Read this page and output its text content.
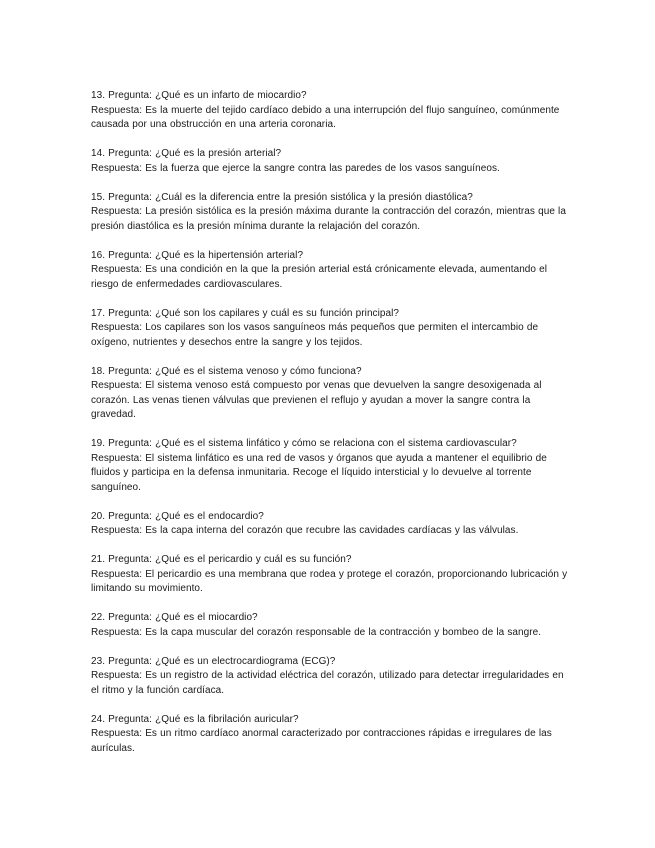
13. Pregunta: ¿Qué es un infarto de miocardio?
Respuesta: Es la muerte del tejido cardíaco debido a una interrupción del flujo sanguíneo, comúnmente causada por una obstrucción en una arteria coronaria.
14. Pregunta: ¿Qué es la presión arterial?
Respuesta: Es la fuerza que ejerce la sangre contra las paredes de los vasos sanguíneos.
15. Pregunta: ¿Cuál es la diferencia entre la presión sistólica y la presión diastólica?
Respuesta: La presión sistólica es la presión máxima durante la contracción del corazón, mientras que la presión diastólica es la presión mínima durante la relajación del corazón.
16. Pregunta: ¿Qué es la hipertensión arterial?
Respuesta: Es una condición en la que la presión arterial está crónicamente elevada, aumentando el riesgo de enfermedades cardiovasculares.
17. Pregunta: ¿Qué son los capilares y cuál es su función principal?
Respuesta: Los capilares son los vasos sanguíneos más pequeños que permiten el intercambio de oxígeno, nutrientes y desechos entre la sangre y los tejidos.
18. Pregunta: ¿Qué es el sistema venoso y cómo funciona?
Respuesta: El sistema venoso está compuesto por venas que devuelven la sangre desoxigenada al corazón. Las venas tienen válvulas que previenen el reflujo y ayudan a mover la sangre contra la gravedad.
19. Pregunta: ¿Qué es el sistema linfático y cómo se relaciona con el sistema cardiovascular?
Respuesta: El sistema linfático es una red de vasos y órganos que ayuda a mantener el equilibrio de fluidos y participa en la defensa inmunitaria. Recoge el líquido intersticial y lo devuelve al torrente sanguíneo.
20. Pregunta: ¿Qué es el endocardio?
Respuesta: Es la capa interna del corazón que recubre las cavidades cardíacas y las válvulas.
21. Pregunta: ¿Qué es el pericardio y cuál es su función?
Respuesta: El pericardio es una membrana que rodea y protege el corazón, proporcionando lubricación y limitando su movimiento.
22. Pregunta: ¿Qué es el miocardio?
Respuesta: Es la capa muscular del corazón responsable de la contracción y bombeo de la sangre.
23. Pregunta: ¿Qué es un electrocardiograma (ECG)?
Respuesta: Es un registro de la actividad eléctrica del corazón, utilizado para detectar irregularidades en el ritmo y la función cardíaca.
24. Pregunta: ¿Qué es la fibrilación auricular?
Respuesta: Es un ritmo cardíaco anormal caracterizado por contracciones rápidas e irregulares de las aurículas.
